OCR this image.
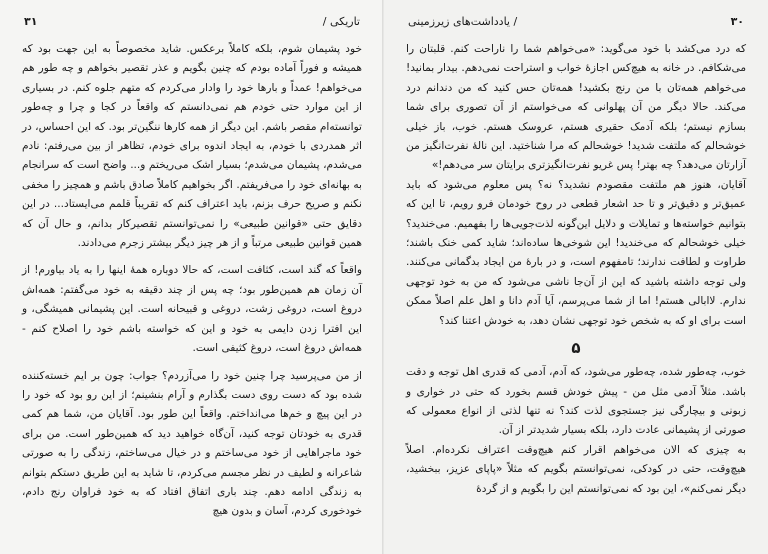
تاریکی /
۳۱

خود پشیمان شوم، بلکه کاملاً برعکس. شاید مخصوصاً به این جهت بود که همیشه و فوراً آماده بودم که چنین بگویم و عذر تقصیر بخواهم و چه طور هم می‌خواهم! عمداً و بارها خود را وادار می‌کردم که متهم جلوه کنم. در بسیاری از این موارد حتی خودم هم نمی‌دانستم که واقعاً در کجا و چرا و چه‌طور توانسته‌ام مقصر باشم. این دیگر از همه کارها ننگین‌تر بود. که این احساس، در اثر همدردی با خودم، به ایجاد اندوه برای خودم، تظاهر از بین می‌رفتم: نادم می‌شدم، پشیمان می‌شدم؛ بسیار اشک می‌ریختم و... واضح است که سرانجام به بهانه‌ای خود را می‌فریفتم. اگر بخواهیم کاملاً صادق باشم و همچیز را مخفی نکنم و صریح حرف بزنم، باید اعتراف کنم که تقریباً قلمم می‌ایستاد... در این دقایق حتی «قوانین طبیعی» را نمی‌توانستم تقصیرکار بدانم، و حال آن که همین قوانین طبیعی مرتباً و از هر چیز دیگر بیشتر زجرم می‌دادند.

واقعاً که گند است، کثافت است، که حالا دوباره همهٔ اینها را به یاد بیاورم! از آن زمان هم همین‌طور بود؛ چه پس از چند دقیقه به خود می‌گفتم: همه‌اش دروغ است، دروغی زشت، دروغی و قبیحانه است. این پشیمانی همیشگی، و این افترا زدن دایمی به خود و این که خواسته باشم خود را اصلاح کنم - همه‌اش دروغ است، دروغ کثیفی است.

از من می‌پرسید چرا چنین خود را می‌آزردم؟ جواب: چون بر ایم خسته‌کننده شده بود که دست روی دست بگذارم و آرام بنشینم؛ از این رو بود که خود را در این پیچ و خم‌ها می‌انداختم. واقعاً این طور بود. آقایان من، شما هم کمی قدری به خودتان توجه کنید، آن‌گاه خواهید دید که همین‌طور است. من برای خود ماجراهایی از خود می‌ساختم و در خیال می‌ساختم، زندگی را به صورتی شاعرانه و لطیف در نظر مجسم می‌کردم، تا شاید به این طریق دستکم بتوانم به زندگی ادامه دهم. چند باری اتفاق افتاد که به خود فراوان رنج دادم، خودخوری کردم، آسان و بدون هیچ

۳۰
/ یادداشت‌های زیرزمینی

که درد می‌کشد با خود می‌گوید: «می‌خواهم شما را ناراحت کنم. قلبتان را می‌شکافم. در خانه به هیچ‌کس اجازهٔ خواب و استراحت نمی‌دهم. بیدار بمانید! می‌خواهم همه‌تان با من رنج بکشید! همه‌تان حس کنید که من دندانم درد می‌کند. حالا دیگر من آن پهلوانی که می‌خواستم از آن تصوری برای شما بسازم نیستم؛ بلکه آدمک حقیری هستم، عروسک هستم. خوب، باز خیلی خوشحالم که ملتفت شدید! خوشحالم که مرا شناختید. این نالهٔ نفرت‌انگیز من آزارتان می‌دهد؟ چه بهتر! پس غریو نفرت‌انگیزتری برایتان سر می‌دهم!»

آقایان، هنوز هم ملتفت مقصودم نشدید؟ نه؟ پس معلوم می‌شود که باید عمیق‌تر و دقیق‌تر و تا حد اشعار قطعی در روح خودمان فرو رویم، تا این که بتوانیم خواسته‌ها و تمایلات و دلایل این‌گونه لذت‌جویی‌ها را بفهمیم. می‌خندید؟ خیلی خوشحالم که می‌خندید! این شوخی‌ها ساده‌اند؛ شاید کمی خنک باشند؛ طراوت و لطافت ندارند؛ تامفهوم است، و در بارهٔ من ایجاد بدگمانی می‌کنند. ولی توجه داشته باشید که این از آن‌جا ناشی می‌شود که من به خود توجهی ندارم. لاابالی هستم! اما از شما می‌پرسم، آیا آدم دانا و اهل علم اصلاً ممکن است برای او که به شخص خود توجهی نشان دهد، به خودش اعتنا کند؟

۵

خوب، چه‌طور شده، چه‌طور می‌شود، که آدم، آدمی که قدری اهل توجه و دقت باشد. مثلاً آدمی مثل من - پیش خودش قسم بخورد که حتی در خواری و زبونی و بیچارگی نیز جستجوی لذت کند؟ نه تنها لذتی از انواع معمولی که صورتی از پشیمانی عادت دارد، بلکه بسیار شدیدتر از آن.

به چیزی که الان می‌خواهم اقرار کنم هیچ‌وقت اعتراف نکرده‌ام. اصلاً هیچ‌وقت، حتی در کودکی، نمی‌توانستم بگویم که مثلاً «پاپای عزیز، ببخشید، دیگر نمی‌کنم»، این بود که نمی‌توانستم این را بگویم و از گردهٔ
